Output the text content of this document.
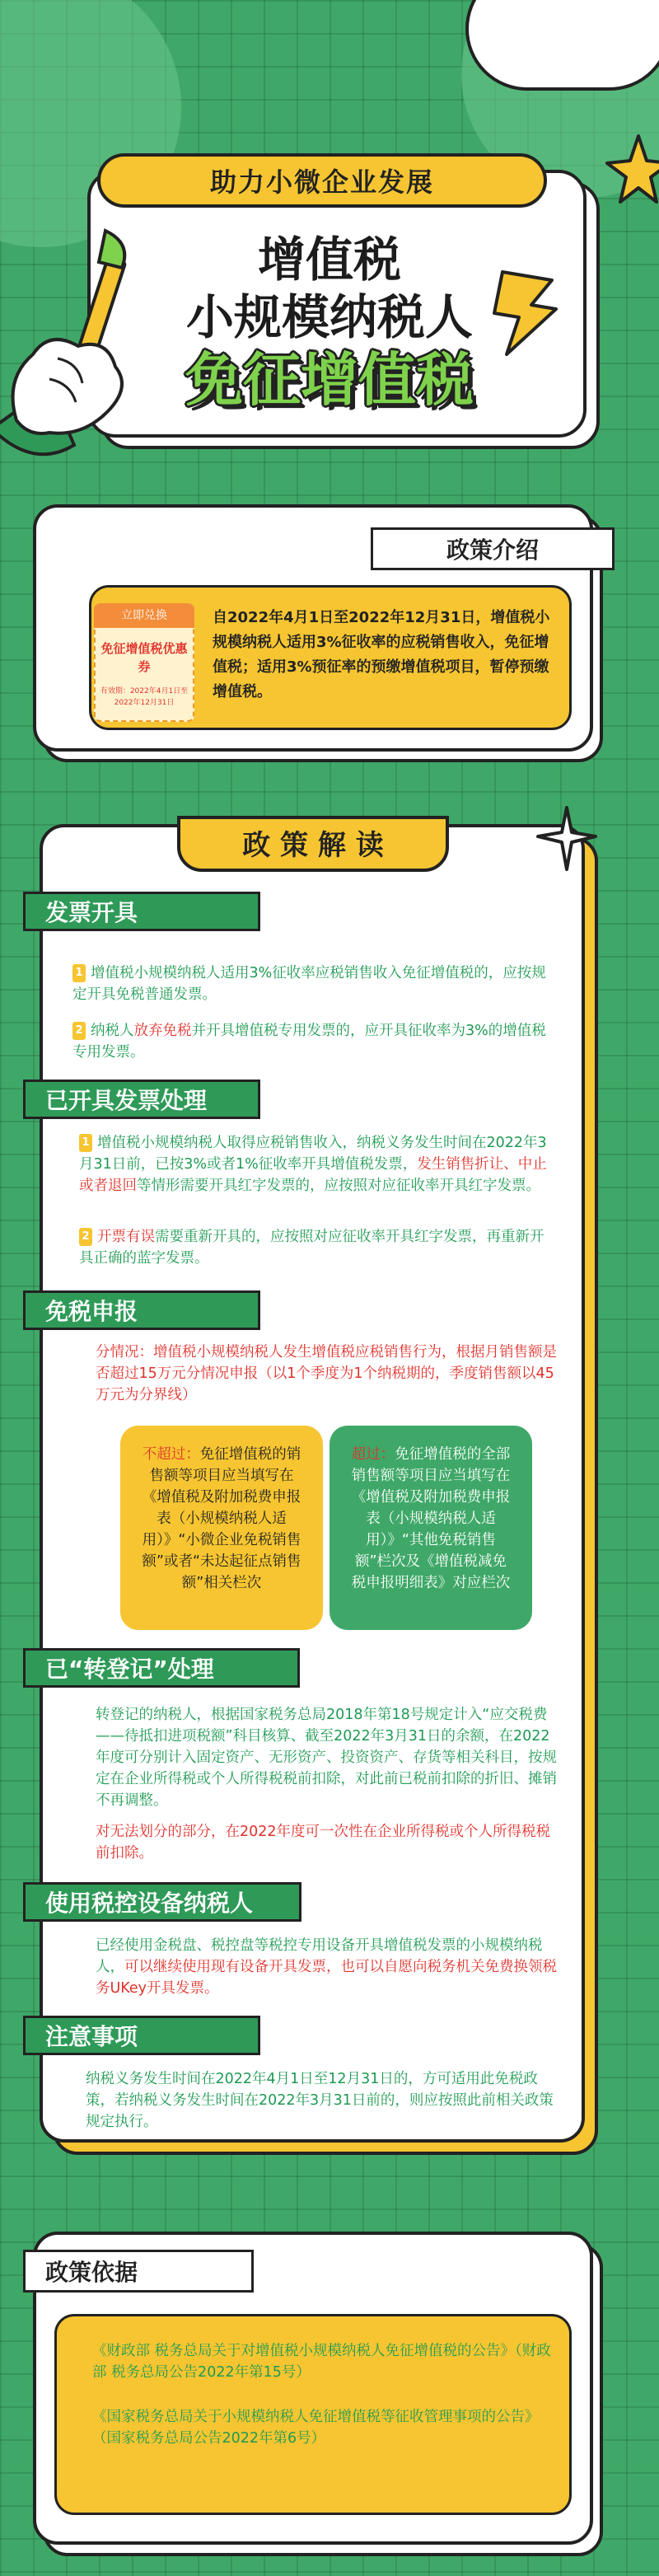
助力小微企业发展
增值税
小规模纳税人
免征增值税
政策介绍
立即兑换
免征增值税优惠券
有效期：2022年4月1日至2022年12月31日
自2022年4月1日至2022年12月31日，增值税小规模纳税人适用3%征收率的应税销售收入，免征增值税；适用3%预征率的预缴增值税项目，暂停预缴增值税。
政 策 解 读
发票开具
1 增值税小规模纳税人适用3%征收率应税销售收入免征增值税的，应按规定开具免税普通发票。
2 纳税人放弃免税并开具增值税专用发票的，应开具征收率为3%的增值税专用发票。
已开具发票处理
1 增值税小规模纳税人取得应税销售收入，纳税义务发生时间在2022年3月31日前，已按3%或者1%征收率开具增值税发票，发生销售折让、中止或者退回等情形需要开具红字发票的，应按照对应征收率开具红字发票。
2 开票有误需要重新开具的，应按照对应征收率开具红字发票，再重新开具正确的蓝字发票。
免税申报
分情况：增值税小规模纳税人发生增值税应税销售行为，根据月销售额是否超过15万元分情况申报（以1个季度为1个纳税期的，季度销售额以45万元为分界线）
不超过：免征增值税的销售额等项目应当填写在《增值税及附加税费申报表（小规模纳税人适用）》“小微企业免税销售额”或者“未达起征点销售额”相关栏次
超过：免征增值税的全部销售额等项目应当填写在《增值税及附加税费申报表（小规模纳税人适用）》“其他免税销售额”栏次及《增值税减免税申报明细表》对应栏次
已“转登记”处理
转登记的纳税人，根据国家税务总局2018年第18号规定计入“应交税费——待抵扣进项税额”科目核算、截至2022年3月31日的余额，在2022年度可分别计入固定资产、无形资产、投资资产、存货等相关科目，按规定在企业所得税或个人所得税税前扣除，对此前已税前扣除的折旧、摊销不再调整。
对无法划分的部分，在2022年度可一次性在企业所得税或个人所得税税前扣除。
使用税控设备纳税人
已经使用金税盘、税控盘等税控专用设备开具增值税发票的小规模纳税人，可以继续使用现有设备开具发票，也可以自愿向税务机关免费换领税务UKey开具发票。
注意事项
纳税义务发生时间在2022年4月1日至12月31日的，方可适用此免税政策，若纳税义务发生时间在2022年3月31日前的，则应按照此前相关政策规定执行。
政策依据
《财政部 税务总局关于对增值税小规模纳税人免征增值税的公告》（财政部 税务总局公告2022年第15号）
《国家税务总局关于小规模纳税人免征增值税等征收管理事项的公告》（国家税务总局公告2022年第6号）
